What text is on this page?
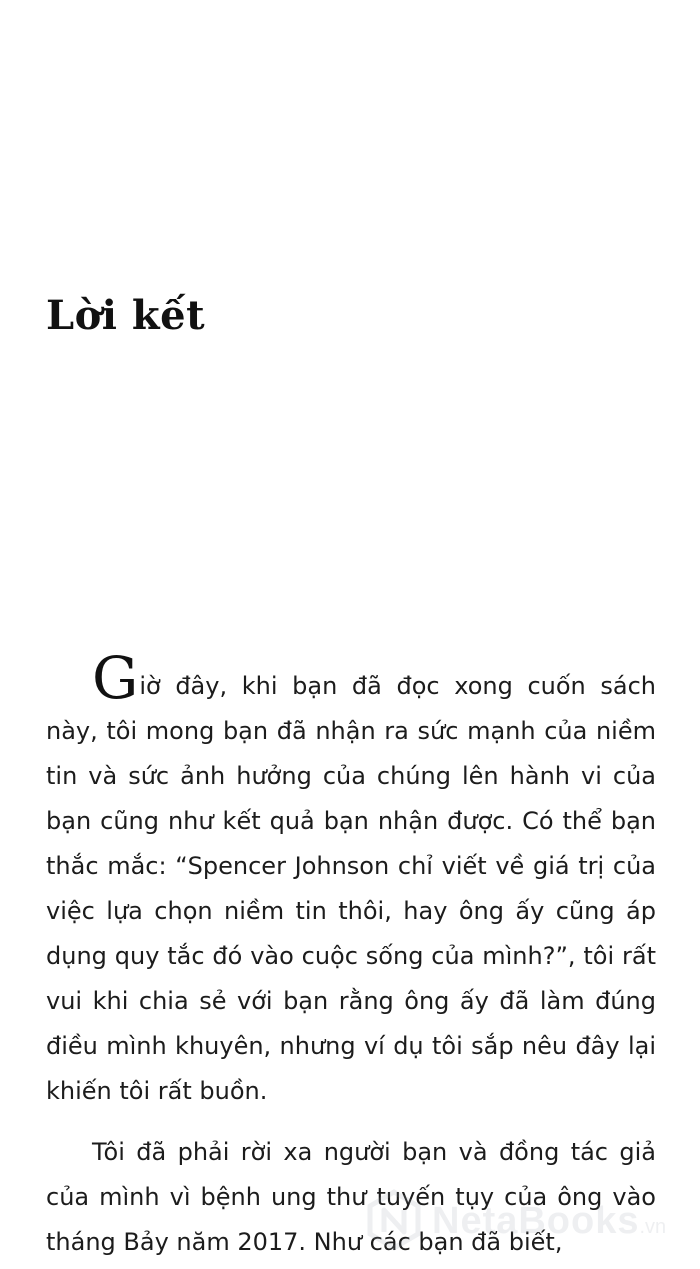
Lời kết

Giờ đây, khi bạn đã đọc xong cuốn sách này, tôi mong bạn đã nhận ra sức mạnh của niềm tin và sức ảnh hưởng của chúng lên hành vi của bạn cũng như kết quả bạn nhận được. Có thể bạn thắc mắc: “Spencer Johnson chỉ viết về giá trị của việc lựa chọn niềm tin thôi, hay ông ấy cũng áp dụng quy tắc đó vào cuộc sống của mình?”, tôi rất vui khi chia sẻ với bạn rằng ông ấy đã làm đúng điều mình khuyên, nhưng ví dụ tôi sắp nêu đây lại khiến tôi rất buồn.

Tôi đã phải rời xa người bạn và đồng tác giả của mình vì bệnh ung thư tuyến tụy của ông vào tháng Bảy năm 2017. Như các bạn đã biết,

NetaBooks.vn
